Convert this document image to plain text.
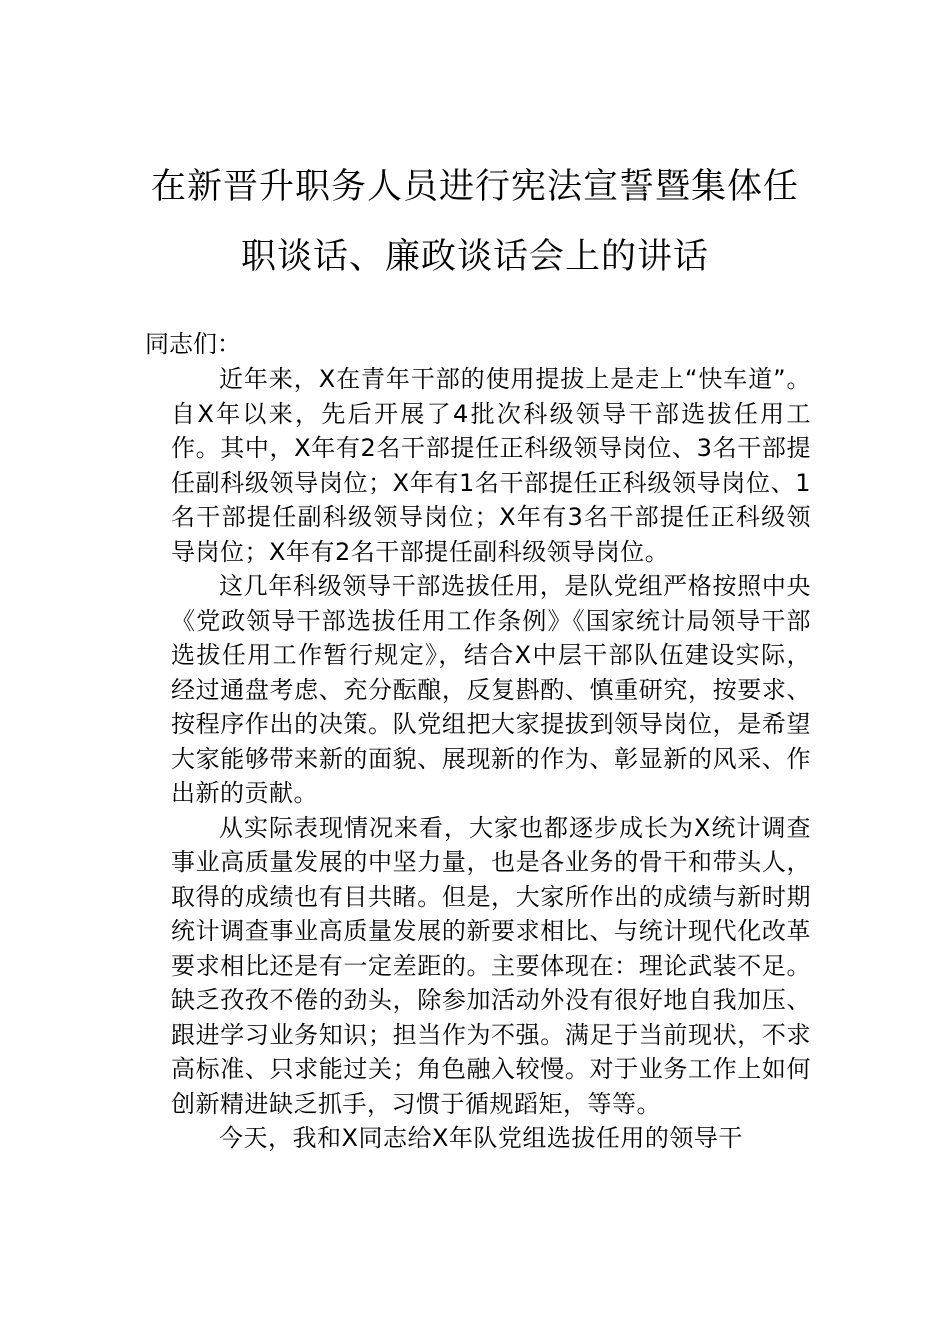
在新晋升职务人员进行宪法宣誓暨集体任
职谈话、廉政谈话会上的讲话

同志们：

近年来，X在青年干部的使用提拔上是走上“快车道”。自X年以来，先后开展了4批次科级领导干部选拔任用工作。其中，X年有2名干部提任正科级领导岗位、3名干部提任副科级领导岗位；X年有1名干部提任正科级领导岗位、1名干部提任副科级领导岗位；X年有3名干部提任正科级领导岗位；X年有2名干部提任副科级领导岗位。

这几年科级领导干部选拔任用，是队党组严格按照中央《党政领导干部选拔任用工作条例》《国家统计局领导干部选拔任用工作暂行规定》，结合X中层干部队伍建设实际，经过通盘考虑、充分酝酿，反复斟酌、慎重研究，按要求、按程序作出的决策。队党组把大家提拔到领导岗位，是希望大家能够带来新的面貌、展现新的作为、彰显新的风采、作出新的贡献。

从实际表现情况来看，大家也都逐步成长为X统计调查事业高质量发展的中坚力量，也是各业务的骨干和带头人，取得的成绩也有目共睹。但是，大家所作出的成绩与新时期统计调查事业高质量发展的新要求相比、与统计现代化改革要求相比还是有一定差距的。主要体现在：理论武装不足。缺乏孜孜不倦的劲头，除参加活动外没有很好地自我加压、跟进学习业务知识；担当作为不强。满足于当前现状，不求高标准、只求能过关；角色融入较慢。对于业务工作上如何创新精进缺乏抓手，习惯于循规蹈矩，等等。

今天，我和X同志给X年队党组选拔任用的领导干
